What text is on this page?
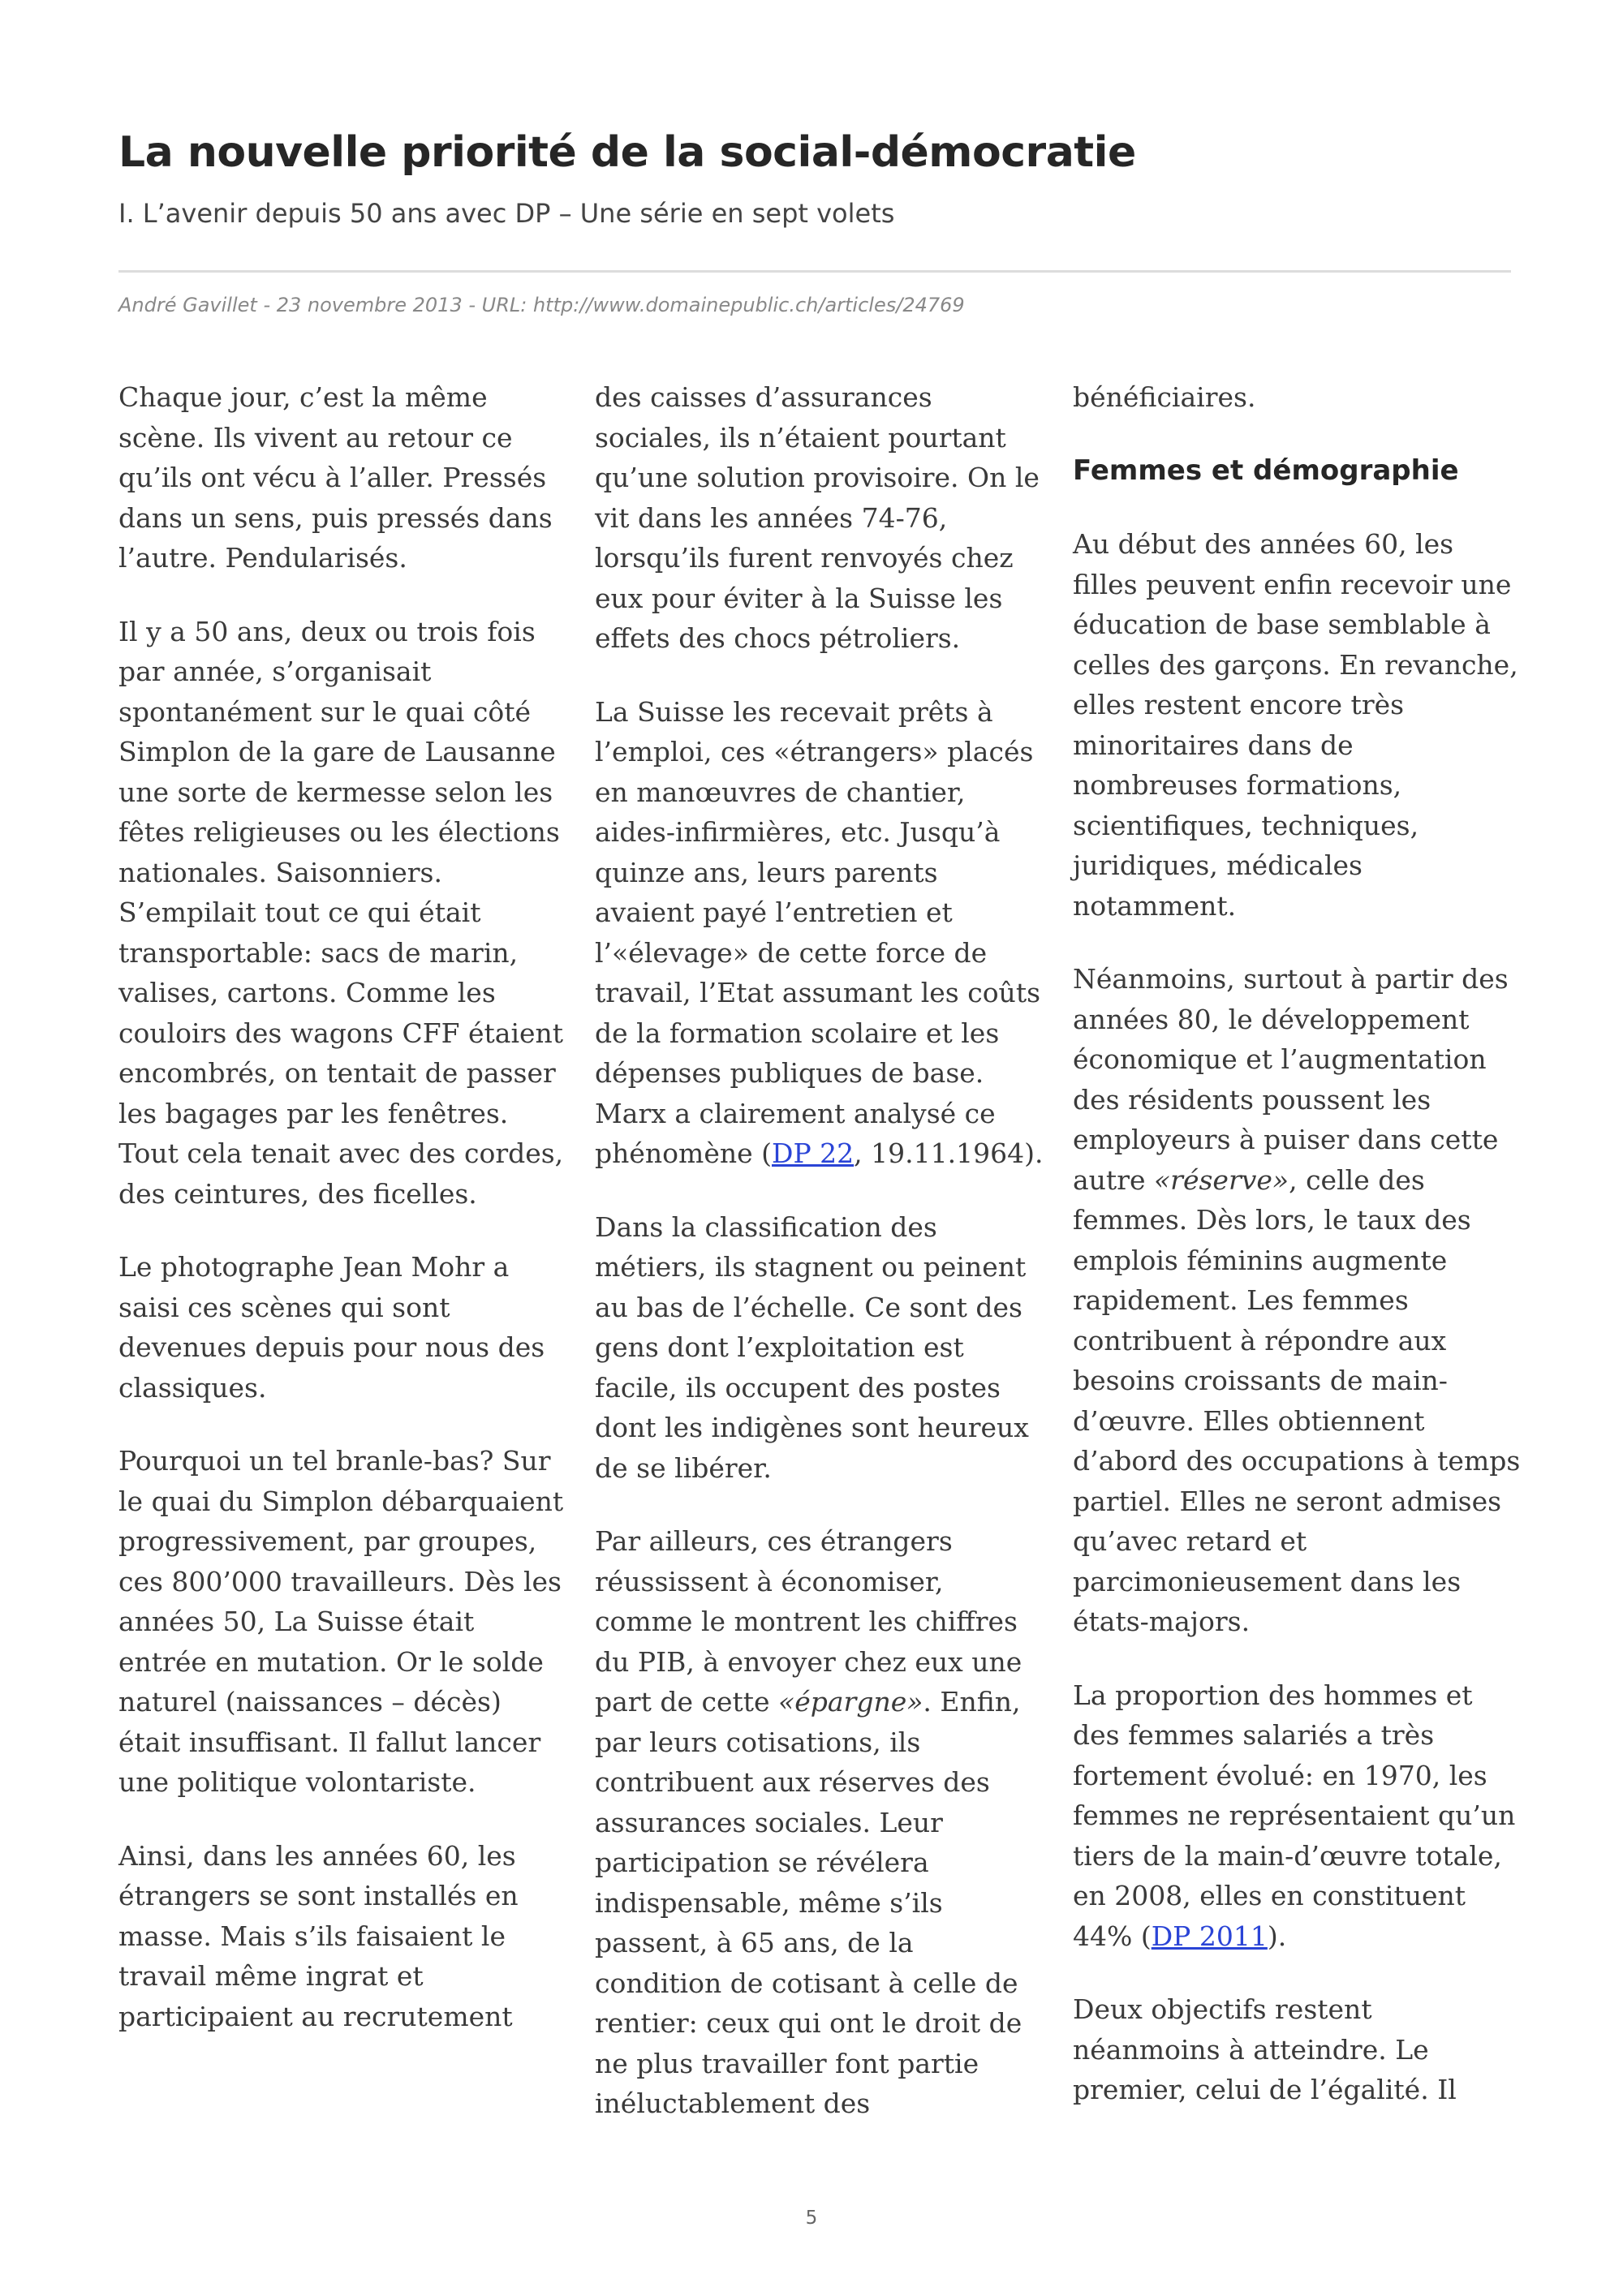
La nouvelle priorité de la social-démocratie

I. L’avenir depuis 50 ans avec DP – Une série en sept volets

André Gavillet - 23 novembre 2013 - URL: http://www.domainepublic.ch/articles/24769

Chaque jour, c’est la même scène. Ils vivent au retour ce qu’ils ont vécu à l’aller. Pressés dans un sens, puis pressés dans l’autre. Pendularisés.

Il y a 50 ans, deux ou trois fois par année, s’organisait spontanément sur le quai côté Simplon de la gare de Lausanne une sorte de kermesse selon les fêtes religieuses ou les élections nationales. Saisonniers. S’empilait tout ce qui était transportable: sacs de marin, valises, cartons. Comme les couloirs des wagons CFF étaient encombrés, on tentait de passer les bagages par les fenêtres. Tout cela tenait avec des cordes, des ceintures, des ficelles.

Le photographe Jean Mohr a saisi ces scènes qui sont devenues depuis pour nous des classiques.

Pourquoi un tel branle-bas? Sur le quai du Simplon débarquaient progressivement, par groupes, ces 800’000 travailleurs. Dès les années 50, La Suisse était entrée en mutation. Or le solde naturel (naissances – décès) était insuffisant. Il fallut lancer une politique volontariste.

Ainsi, dans les années 60, les étrangers se sont installés en masse. Mais s’ils faisaient le travail même ingrat et participaient au recrutement

des caisses d’assurances sociales, ils n’étaient pourtant qu’une solution provisoire. On le vit dans les années 74-76, lorsqu’ils furent renvoyés chez eux pour éviter à la Suisse les effets des chocs pétroliers.

La Suisse les recevait prêts à l’emploi, ces «étrangers» placés en manœuvres de chantier, aides-infirmières, etc. Jusqu’à quinze ans, leurs parents avaient payé l’entretien et l’«élevage» de cette force de travail, l’Etat assumant les coûts de la formation scolaire et les dépenses publiques de base. Marx a clairement analysé ce phénomène (DP 22, 19.11.1964).

Dans la classification des métiers, ils stagnent ou peinent au bas de l’échelle. Ce sont des gens dont l’exploitation est facile, ils occupent des postes dont les indigènes sont heureux de se libérer.

Par ailleurs, ces étrangers réussissent à économiser, comme le montrent les chiffres du PIB, à envoyer chez eux une part de cette «épargne». Enfin, par leurs cotisations, ils contribuent aux réserves des assurances sociales. Leur participation se révélera indispensable, même s’ils passent, à 65 ans, de la condition de cotisant à celle de rentier: ceux qui ont le droit de ne plus travailler font partie inéluctablement des

bénéficiaires.

Femmes et démographie

Au début des années 60, les filles peuvent enfin recevoir une éducation de base semblable à celles des garçons. En revanche, elles restent encore très minoritaires dans de nombreuses formations, scientifiques, techniques, juridiques, médicales notamment.

Néanmoins, surtout à partir des années 80, le développement économique et l’augmentation des résidents poussent les employeurs à puiser dans cette autre «réserve», celle des femmes. Dès lors, le taux des emplois féminins augmente rapidement. Les femmes contribuent à répondre aux besoins croissants de main-d’œuvre. Elles obtiennent d’abord des occupations à temps partiel. Elles ne seront admises qu’avec retard et parcimonieusement dans les états-majors.

La proportion des hommes et des femmes salariés a très fortement évolué: en 1970, les femmes ne représentaient qu’un tiers de la main-d’œuvre totale, en 2008, elles en constituent 44% (DP 2011).

Deux objectifs restent néanmoins à atteindre. Le premier, celui de l’égalité. Il

5
